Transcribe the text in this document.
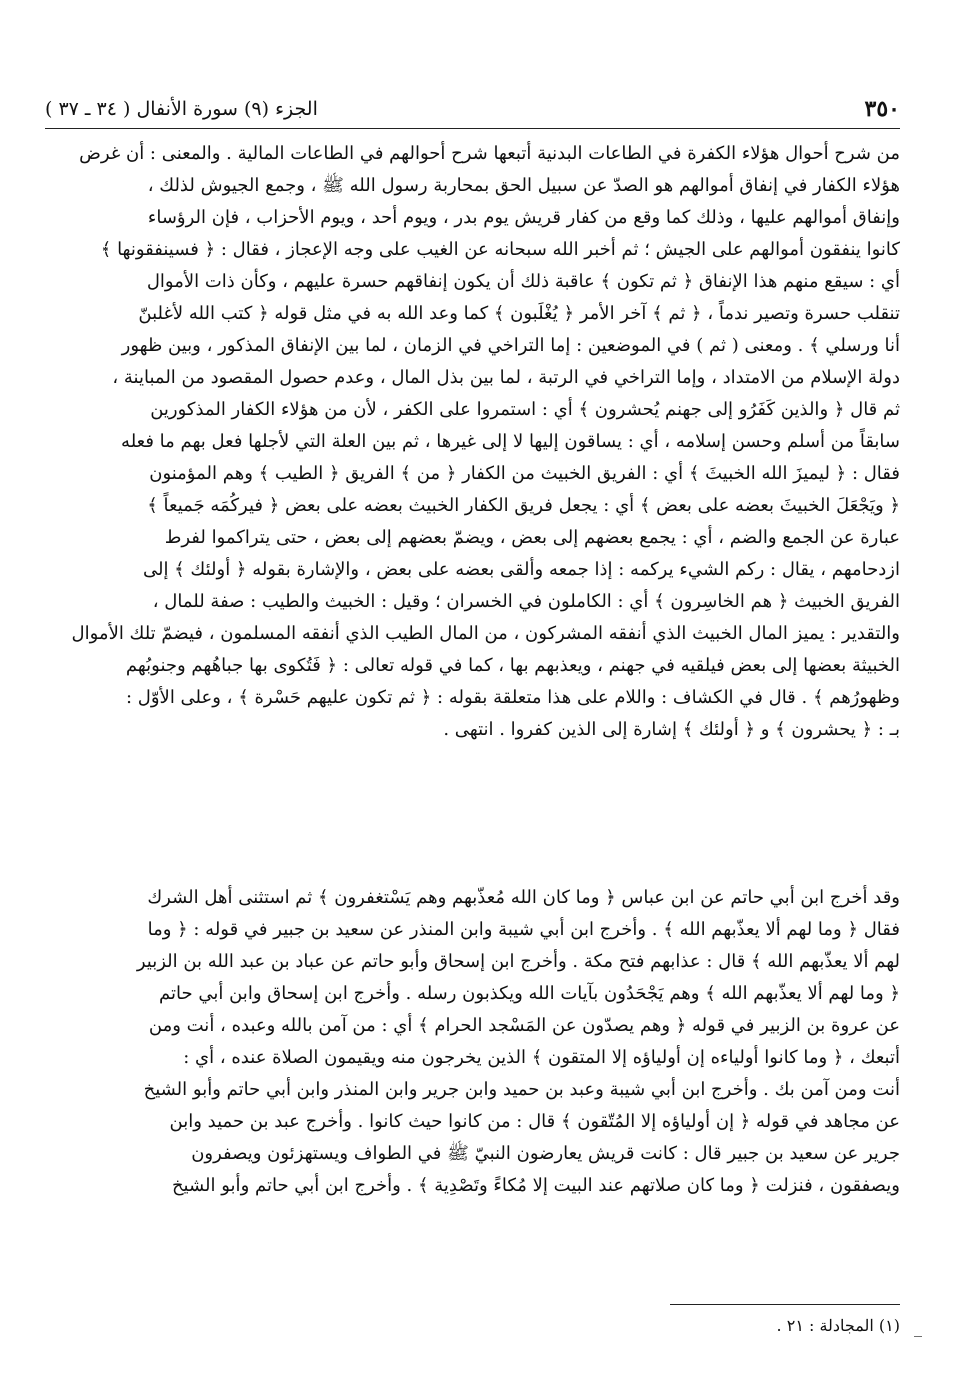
٣٥٠
الجزء (٩) سورة الأنفال ( ٣٤ ـ ٣٧ )
من شرح أحوال هؤلاء الكفرة في الطاعات البدنية أتبعها شرح أحوالهم في الطاعات المالية . والمعنى : أن غرض
هؤلاء الكفار في إنفاق أموالهم هو الصدّ عن سبيل الحق بمحاربة رسول الله ﷺ ، وجمع الجيوش لذلك ،
وإنفاق أموالهم عليها ، وذلك كما وقع من كفار قريش يوم بدر ، ويوم أحد ، ويوم الأحزاب ، فإن الرؤساء
كانوا ينفقون أموالهم على الجيش ؛ ثم أخبر الله سبحانه عن الغيب على وجه الإعجاز ، فقال : ﴿ فسينفقونها ﴾
أي : سيقع منهم هذا الإنفاق ﴿ ثم تكون ﴾ عاقبة ذلك أن يكون إنفاقهم حسرة عليهم ، وكأن ذات الأموال
تنقلب حسرة وتصير ندماً ، ﴿ ثم ﴾ آخر الأمر ﴿ يُغْلَبون ﴾ كما وعد الله به في مثل قوله ﴿ كتب الله لأغلبنّ
أنا ورسلي ﴾ . ومعنى ( ثم ) في الموضعين : إما التراخي في الزمان ، لما بين الإنفاق المذكور ، وبين ظهور
دولة الإسلام من الامتداد ، وإما التراخي في الرتبة ، لما بين بذل المال ، وعدم حصول المقصود من المباينة ،
ثم قال ﴿ والذين كَفَرُو إلى جهنم يُحشرون ﴾ أي : استمروا على الكفر ، لأن من هؤلاء الكفار المذكورين
سابقاً من أسلم وحسن إسلامه ، أي : يساقون إليها لا إلى غيرها ، ثم بين العلة التي لأجلها فعل بهم ما فعله
فقال : ﴿ ليميزَ الله الخبيثَ ﴾ أي : الفريق الخبيث من الكفار ﴿ من ﴾ الفريق ﴿ الطيب ﴾ وهم المؤمنون
﴿ ويَجْعَلَ الخبيثَ بعضه على بعض ﴾ أي : يجعل فريق الكفار الخبيث بعضه على بعض ﴿ فيركُمَه جَميعاً ﴾
عبارة عن الجمع والضم ، أي : يجمع بعضهم إلى بعض ، ويضمّ بعضهم إلى بعض ، حتى يتراكموا لفرط
ازدحامهم ، يقال : ركم الشيء يركمه : إذا جمعه وألقى بعضه على بعض ، والإشارة بقوله ﴿ أولئك ﴾ إلى
الفريق الخبيث ﴿ هم الخاسِرون ﴾ أي : الكاملون في الخسران ؛ وقيل : الخبيث والطيب : صفة للمال ،
والتقدير : يميز المال الخبيث الذي أنفقه المشركون ، من المال الطيب الذي أنفقه المسلمون ، فيضمّ تلك الأموال
الخبيثة بعضها إلى بعض فيلقيه في جهنم ، ويعذبهم بها ، كما في قوله تعالى : ﴿ فَتُكوى بها جباهُهم وجنوبُهم
وظهورُهم ﴾ . قال في الكشاف : واللام على هذا متعلقة بقوله : ﴿ ثم تكون عليهم حَسْرة ﴾ ، وعلى الأوّل :
بـ : ﴿ يحشرون ﴾ و ﴿ أولئك ﴾ إشارة إلى الذين كفروا . انتهى .
وقد أخرج ابن أبي حاتم عن ابن عباس ﴿ وما كان الله مُعذّبهم وهم يَسْتغفرون ﴾ ثم استثنى أهل الشرك
فقال ﴿ وما لهم ألا يعذّبهم الله ﴾ . وأخرج ابن أبي شيبة وابن المنذر عن سعيد بن جبير في قوله : ﴿ وما
لهم ألا يعذّبهم الله ﴾ قال : عذابهم فتح مكة . وأخرج ابن إسحاق وأبو حاتم عن عباد بن عبد الله بن الزبير
﴿ وما لهم ألا يعذّبهم الله ﴾ وهم يَجْحَدُون بآيات الله ويكذبون رسله . وأخرج ابن إسحاق وابن أبي حاتم
عن عروة بن الزبير في قوله ﴿ وهم يصدّون عن المَسْجد الحرام ﴾ أي : من آمن بالله وعبده ، أنت ومن
أتبعك ، ﴿ وما كانوا أولياءه إن أولياؤه إلا المتقون ﴾ الذين يخرجون منه ويقيمون الصلاة عنده ، أي :
أنت ومن آمن بك . وأخرج ابن أبي شيبة وعبد بن حميد وابن جرير وابن المنذر وابن أبي حاتم وأبو الشيخ
عن مجاهد في قوله ﴿ إن أولياؤه إلا المُتّقون ﴾ قال : من كانوا حيث كانوا . وأخرج عبد بن حميد وابن
جرير عن سعيد بن جبير قال : كانت قريش يعارضون النبيّ ﷺ في الطواف ويستهزئون ويصفرون
ويصفقون ، فنزلت ﴿ وما كان صلاتهم عند البيت إلا مُكاءً وتَصْدِية ﴾ . وأخرج ابن أبي حاتم وأبو الشيخ
(١) المجادلة : ٢١ . _
